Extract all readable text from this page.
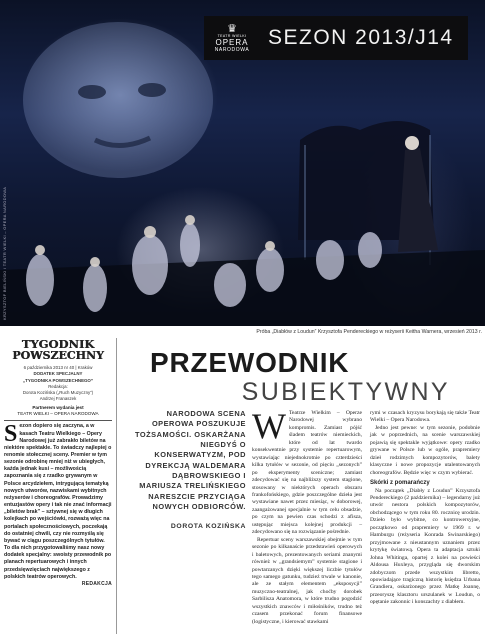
KRZYSZTOF BIELIŃSKI / TEATR WIELKI – OPERA NARODOWA
♛
TEATR WIELKI
OPERA
NARODOWA
SEZON 2013/J14
Próba „Diabłów z Loudun” Krzysztofa Pendereckiego w reżyserii Keitha Warnera, wrzesień 2013 r.
TYGODNIK
POWSZECHNY
6 października 2013 nr 40 | Kraków
DODATEK SPECJALNY
„TYGODNIKA POWSZECHNEGO”
Redakcja:
Dorota Kozińska („Ruch Muzyczny”)
Andrzej Franaszek
Partnerem wydania jest
TEATR WIELKI – OPERA NARODOWA
S ezon dopiero się zaczyna, a w kasach Teatru Wielkiego – Opery Narodowej już zabrakło biletów na niektóre spektakle. To świadczy najlepiej o renomie stołecznej sceny. Premier w tym sezonie odrobinę mniej niż w ubiegłych, każda jednak kusi – możliwością zapoznania się z rzadko grywanym w Polsce arcydziełem, intrygującą tematyką nowych utworów, nazwiskami wybitnych reżyserów i choreografów. Prowadzimy entuzjastów opery i tak nie znać informacji „biletów brak” – sztywnej się w długich kolejkach po wejściówki, rozważą więc na portalach społecznościowych, poczekają do ostatniej chwili, czy nie rozmyślą się bywać w ciągu poszczególnych tytułów. To dla nich przygotowaliśmy nasz nowy dodatek specjalny: swoisty przewodnik po planach repertuarowych i innych przedsięwzięciach największego z polskich teatrów operowych.
REDAKCJA
PRZEWODNIK
SUBIEKTYWNY

NARODOWA SCENA OPEROWA POSZUKUJE TOŻSAMOŚCI. OSKARŻANA NIEGDYŚ O KONSERWATYZM, POD DYREKCJĄ WALDEMARA DĄBROWSKIEGO I MARIUSZA TRELIŃSKIEGO NARESZCIE PRZYCIĄGA NOWYCH ODBIORCÓW.

DOROTA KOZIŃSKA

W Teatrze Wielkim – Operze Narodowej wybrano kompromis. Zamiast pójść śladem teatrów niemieckich, które od lat twardo konsekwentnie przy systemie repertuarowym, wystawiając niejednokrotnie po czterdzieści kilka tytułów w sezonie, od pięciu „sezonych” po eksperymenty sceniczne; zamiast zdecydować się na najbliższy system stagione, stosowany w niektórych operach obszaru frankofońskiego, gdzie poszczególne dzieła jest wystawiane nawet przez miesiąc, w doborowej, zaangażowanej specjalnie w tym celu obsadzie, po czym na pewien czas schodzi z afisza, ustępując miejsca kolejnej produkcji – zdecydowano się na rozwiązanie pośrednie.

Repertuar sceny warszawskiej obejmie w tym sezonie po kilkanaście przedstawień operowych i baletowych, prezentowanych seriami znanymi również w „grandsiemym” systemie stagione i powtarzanych dzięki większej liczbie tytułów tego samego gatunku, tudzież trwale w kanonie, ale ze stałym elementem „eksposycji” muzyczno-teatralnej, jak choćby dorobek Sarbilisza Anatomora, w które trudno pogodzić wszystkich znawców i miłośników, trudno też czasem przekonać forum finansowe (logistyczne, i kierować stawkami

rymi w czasach kryzysu borykają się także Teatr Wielki – Opera Narodowa.

Jedno jest pewne: w tym sezonie, podobnie jak w poprzednich, na scenie warszawskiej pojawią się spektakle wyjątkowe: opery rzadko grywane w Polsce lub w ogóle, prapremiery dzieł rodzimych kompozytorów, balety klasyczne i nowe propozycje utalentowanych choreografów. Będzie więc w czym wybierać.

Skórki z pomarańczy

Na początek „Diabły z Loudun” Krzysztofa Pendereckiego (2 października) – legendarny już utwór nestora polskich kompozytorów, obchodzącego w tym roku 80. rocznicę urodzin. Dzieło było wybitne, co kontrowersyjne, początkowo od prapremiery w 1969 r. w Hamburgu (reżyseria Konrada Swinarskiego) przyjmowane z nieustannym uznaniem przez krytykę światową. Opera ta adaptacja sztuki Johna Whitinga, opartej z kolei na powieści Aldousa Huxleya, przygląda się dworskim zdobyczom przede wszystkim libretto, opowiadające tragiczną historię księdza Urbana Grandiera, oskarżonego przez Matkę Joannę, przeoryszę klasztoru urszulanek w Loudun, o opętanie zakonnic i konszachty z diabłem.
